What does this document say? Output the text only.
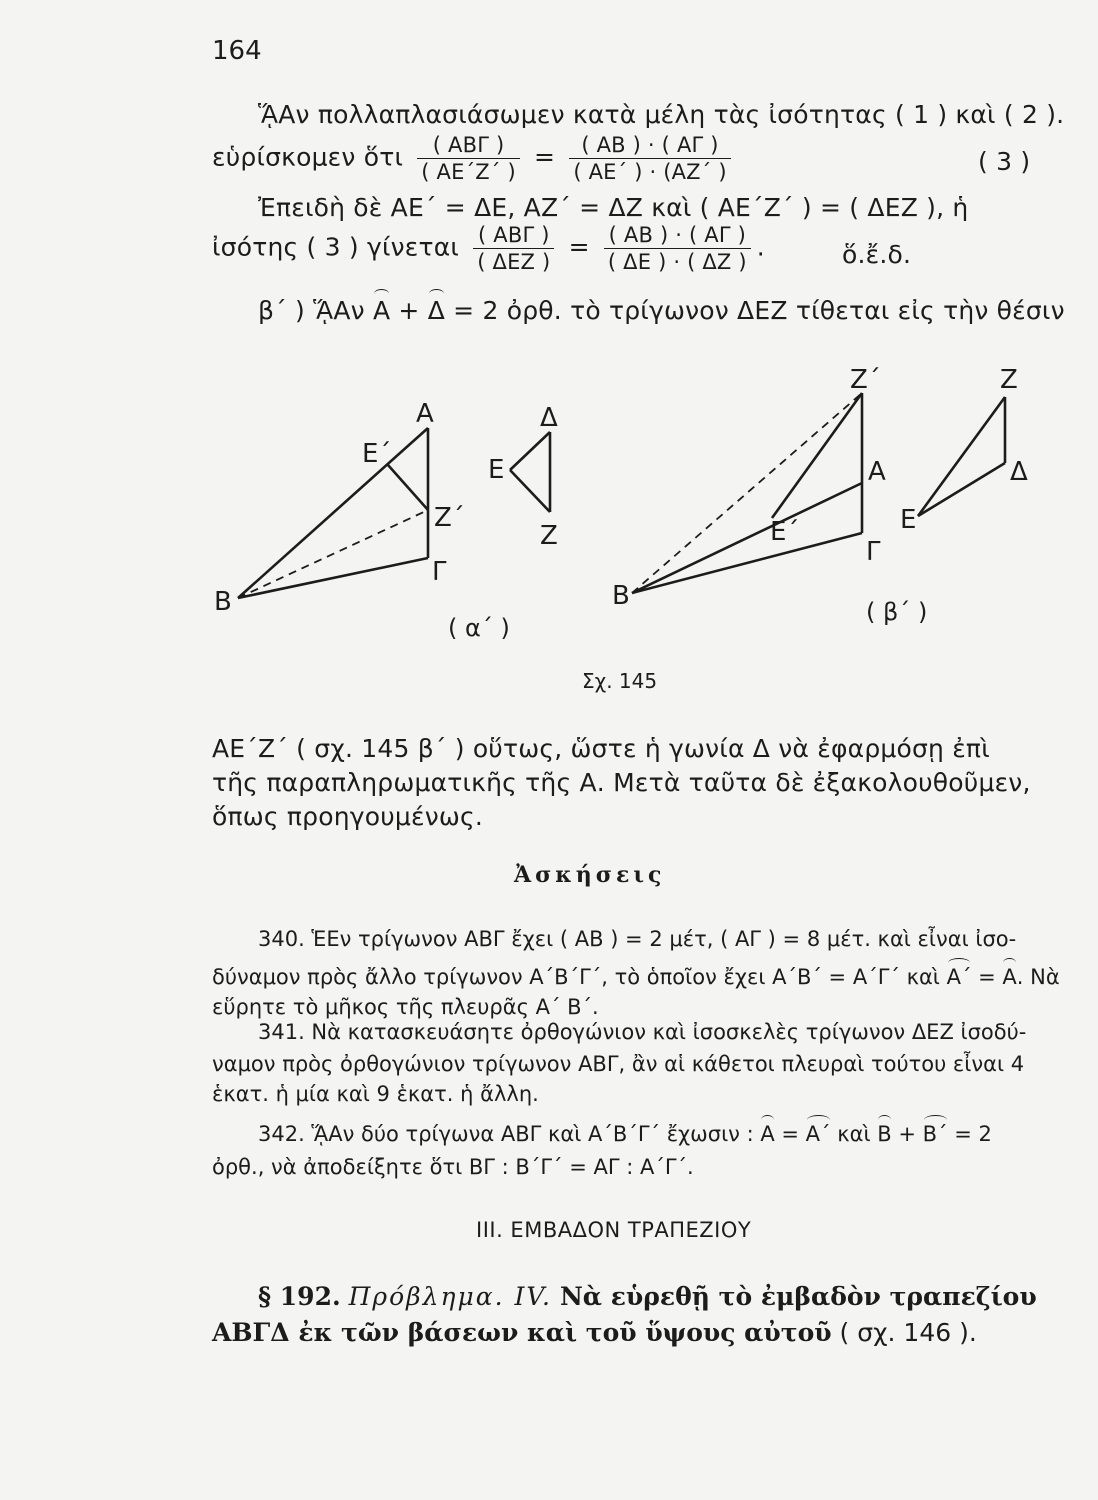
164
ᾍΑν πολλαπλασιάσωμεν κατὰ μέλη τὰς ἰσότητας ( 1 ) καὶ ( 2 ).
εὑρίσκομεν ὅτι $\frac{\text{( ΑΒΓ )}}{( AE΄Z΄ )} = \frac{( AB ) \cdot ( A\Gamma )}{( AE΄ ) \cdot (AZ΄ )}$	( 3 )
Ἐπειδὴ δὲ ΑΕ΄ = ΔΕ, ΑΖ΄ = ΔΖ καὶ ( ΑΕ΄Ζ΄ ) = ( ΔΕΖ ), ἡ
ἰσότης ( 3 ) γίνεται $\frac{\text{( ΑΒΓ )}}{\text{( ΔΕΖ )}} = \frac{( AB ) \cdot ( A\Gamma )}{( \Delta E ) \cdot ( \Delta Z )}$ .	ὅ.ἔ.δ.
β΄ ) ᾍΑν Α + Δ = 2 ὀρθ. τὸ τρίγωνον ΔΕΖ τίθεται εἰς τὴν θέσιν
Α
Ε΄
Ζ΄
Γ
Β
Δ
Ε
Ζ
Ζ΄
Α
Ε΄
Γ
Β
Ζ
Δ
Ε
( α΄ )
( β΄ )
Σχ. 145
ΑΕ΄Ζ΄ ( σχ. 145 β΄ ) οὕτως, ὥστε ἡ γωνία Δ νὰ ἐφαρμόσῃ ἐπὶ
τῆς παραπληρωματικῆς τῆς Α. Μετὰ ταῦτα δὲ ἐξακολουθοῦμεν,
ὅπως προηγουμένως.
Ἀσκήσεις
340. ἙΕν τρίγωνον ΑΒΓ ἔχει ( ΑΒ ) = 2 μέτ, ( ΑΓ ) = 8 μέτ. καὶ εἶναι ἰσο-
δύναμον πρὸς ἄλλο τρίγωνον Α΄Β΄Γ΄, τὸ ὁποῖον ἔχει Α΄Β΄ = Α΄Γ΄ καὶ Α΄ = Α. Νὰ
εὕρητε τὸ μῆκος τῆς πλευρᾶς Α΄ Β΄.
341. Νὰ κατασκευάσητε ὀρθογώνιον καὶ ἰσοσκελὲς τρίγωνον ΔΕΖ ἰσοδύ-
ναμον πρὸς ὀρθογώνιον τρίγωνον ΑΒΓ, ἂν αἱ κάθετοι πλευραὶ τούτου εἶναι 4
ἑκατ. ἡ μία καὶ 9 ἑκατ. ἡ ἄλλη.
342. ᾍΑν δύο τρίγωνα ΑΒΓ καὶ Α΄Β΄Γ΄ ἔχωσιν : Α = Α΄ καὶ Β + Β΄ = 2
ὀρθ., νὰ ἀποδείξητε ὅτι ΒΓ : Β΄Γ΄ = ΑΓ : Α΄Γ΄.
III. ΕΜΒΑΔΟΝ ΤΡΑΠΕΖΙΟΥ
§ 192. Πρόβλημα. IV. Νὰ εὑρεθῇ τὸ ἐμβαδὸν τραπεζίου
ΑΒΓΔ ἐκ τῶν βάσεων καὶ τοῦ ὕψους αὐτοῦ ( σχ. 146 ).
